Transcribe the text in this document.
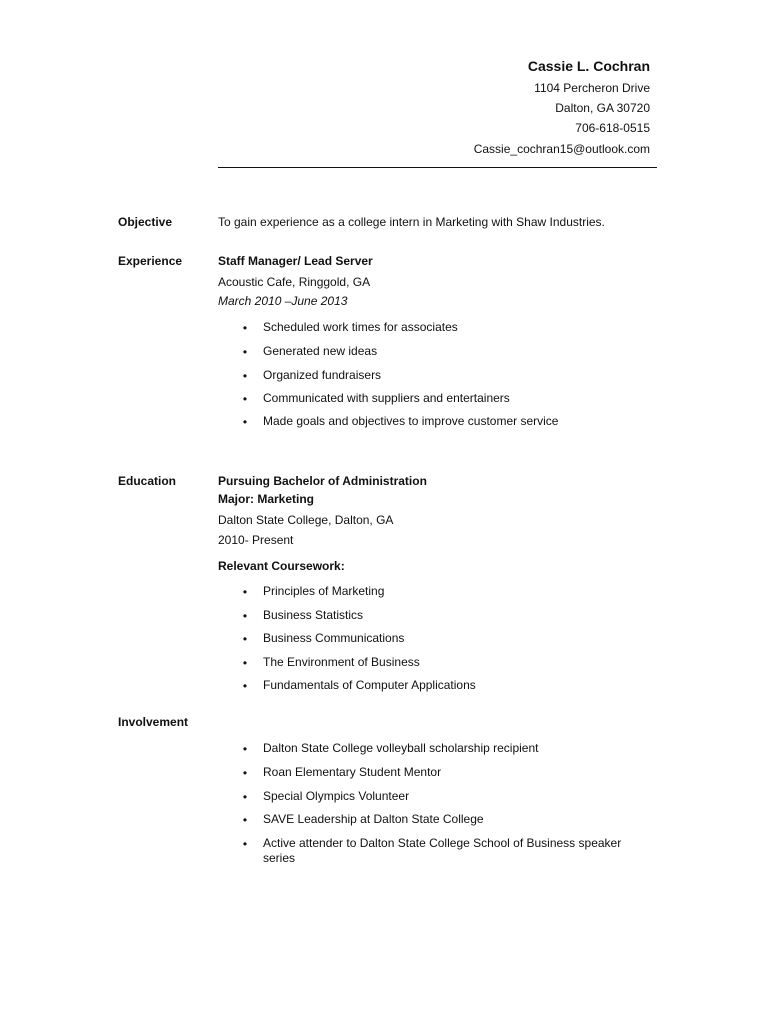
Cassie L. Cochran
1104 Percheron Drive
Dalton, GA 30720
706-618-0515
Cassie_cochran15@outlook.com
Objective	To gain experience as a college intern in Marketing with Shaw Industries.
Experience	Staff Manager/ Lead Server
Acoustic Cafe, Ringgold, GA
March 2010 –June 2013
•
Scheduled work times for associates
•
Generated new ideas
•
Organized fundraisers
•
Communicated with suppliers and entertainers
•
Made goals and objectives to improve customer service
Education	Pursuing Bachelor of Administration
Major: Marketing
Dalton State College, Dalton, GA
2010- Present
Relevant Coursework:
•
Principles of Marketing
•
Business Statistics
•
Business Communications
•
The Environment of Business
•
Fundamentals of Computer Applications
Involvement
•
Dalton State College volleyball scholarship recipient
•
Roan Elementary Student Mentor
•
Special Olympics Volunteer
•
SAVE Leadership at Dalton State College
•
Active attender to Dalton State College School of Business speaker series
